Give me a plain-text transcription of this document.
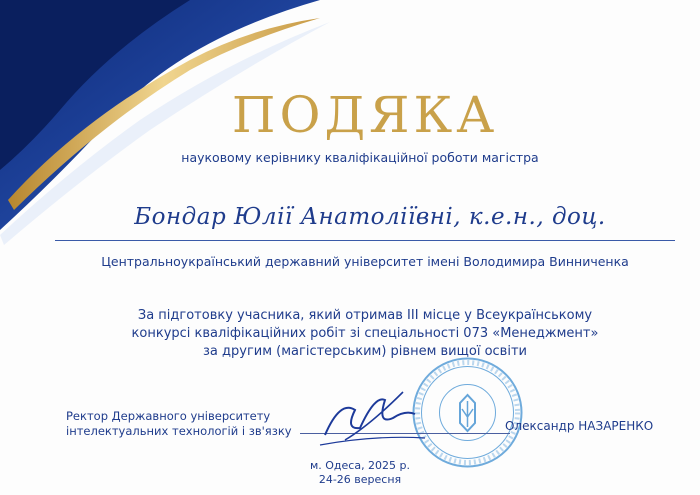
ПОДЯКА
науковому керівнику кваліфікаційної роботи магістра
Бондар Юлії Анатоліївні, к.е.н., доц.
Центральноукраїнський державний університет імені Володимира Винниченка
За підготовку учасника, який отримав ІІІ місце у Всеукраїнському
конкурсі кваліфікаційних робіт зі спеціальності 073 «Менеджмент»
за другим (магістерським) рівнем вищої освіти
Ректор Державного університету
інтелектуальних технологій і зв'язку	Олександр НАЗАРЕНКО
м. Одеса, 2025 р.
24-26 вересня
